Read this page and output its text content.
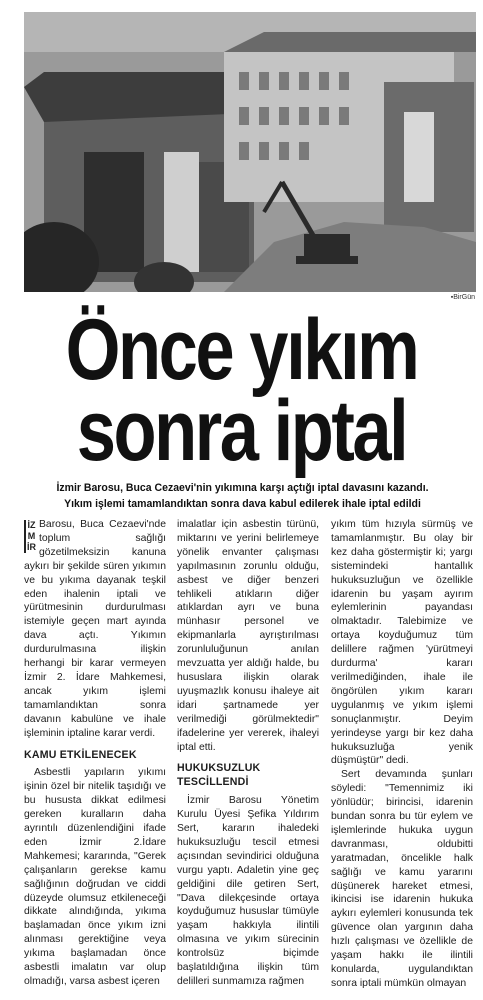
▪BirGün
Önce yıkım
sonra iptal
İzmir Barosu, Buca Cezaevi'nin yıkımına karşı açtığı iptal davasını kazandı.
Yıkım işlemi tamamlandıktan sonra dava kabul edilerek ihale iptal edildi

İZMİR
Barosu, Buca Cezaevi'nde toplum sağlığı gözetilmeksizin kanuna aykırı bir şekilde süren yıkımın ve bu yıkıma dayanak teşkil eden ihalenin iptali ve yürütmesinin durdurulması istemiyle geçen mart ayında dava açtı. Yıkımın durdurulmasına ilişkin herhangi bir karar vermeyen İzmir 2. İdare Mahkemesi, ancak yıkım işlemi tamamlandıktan sonra davanın kabulüne ve ihale işleminin iptaline karar verdi.

KAMU ETKİLENECEK

Asbestli yapıların yıkımı işinin özel bir nitelik taşıdığı ve bu hususta dikkat edilmesi gereken kuralların daha ayrıntılı düzenlendiğini ifade eden İzmir 2.İdare Mahkemesi; kararında, "Gerek çalışanların gerekse kamu sağlığının doğrudan ve ciddi düzeyde olumsuz etkileneceği dikkate alındığında, yıkıma başlamadan önce yıkım izni alınması gerektiğine veya yıkıma başlamadan önce asbestli imalatın var olup olmadığı, varsa asbest içeren

imalatlar için asbestin türünü, miktarını ve yerini belirlemeye yönelik envanter çalışması yapılmasının zorunlu olduğu, asbest ve diğer benzeri tehlikeli atıkların diğer atıklardan ayrı ve buna münhasır personel ve ekipmanlarla ayrıştırılması zorunluluğunun anılan mevzuatta yer aldığı halde, bu hususlara ilişkin olarak uyuşmazlık konusu ihaleye ait idari şartnamede yer verilmediği görülmektedir" ifadelerine yer vererek, ihaleyi iptal etti.

HUKUKSUZLUK TESCİLLENDİ

İzmir Barosu Yönetim Kurulu Üyesi Şefika Yıldırım Sert, kararın ihaledeki hukuksuzluğu tescil etmesi açısından sevindirici olduğuna vurgu yaptı. Adaletin yine geç geldiğini dile getiren Sert, "Dava dilekçesinde ortaya koyduğumuz hususlar tümüyle yaşam hakkıyla ilintili olmasına ve yıkım sürecinin kontrolsüz biçimde başlatıldığına ilişkin tüm delilleri sunmamıza rağmen

yıkım tüm hızıyla sürmüş ve tamamlanmıştır. Bu olay bir kez daha göstermiştir ki; yargı sistemindeki hantallık hukuksuzluğun ve özellikle idarenin bu yaşam ayırım eylemlerinin payandası olmaktadır. Talebimize ve ortaya koyduğumuz tüm delillere rağmen 'yürütmeyi durdurma' kararı verilmediğinden, ihale ile öngörülen yıkım kararı uygulanmış ve yıkım işlemi sonuçlanmıştır. Deyim yerindeyse yargı bir kez daha hukuksuzluğa yenik düşmüştür" dedi.

Sert devamında şunları söyledi: "Temennimiz iki yönlüdür; birincisi, idarenin bundan sonra bu tür eylem ve işlemlerinde hukuka uygun davranması, oldubitti yaratmadan, öncelikle halk sağlığı ve kamu yararını düşünerek hareket etmesi, ikincisi ise idarenin hukuka aykırı eylemleri konusunda tek güvence olan yargının daha hızlı çalışması ve özellikle de yaşam hakkı ile ilintili konularda, uygulandıktan sonra iptali mümkün olmayan
